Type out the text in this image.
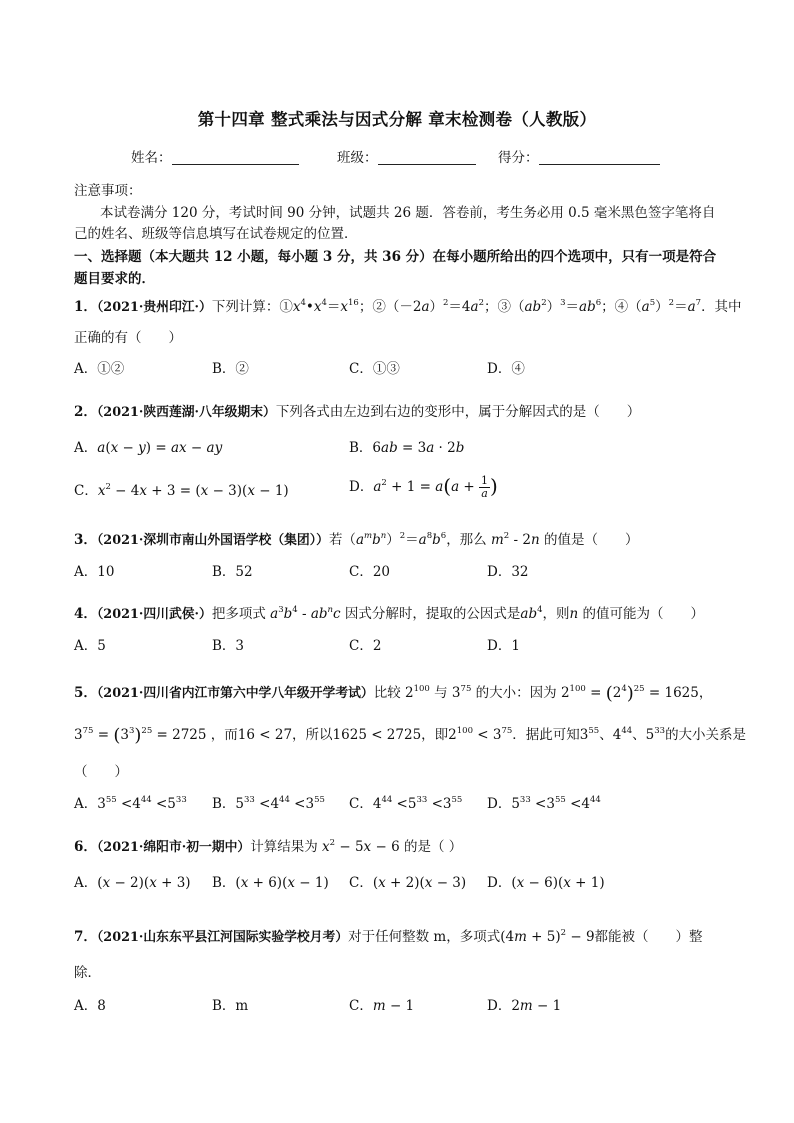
第十四章 整式乘法与因式分解 章末检测卷（人教版）
姓名：	班级：	得分：
注意事项：
本试卷满分 120 分，考试时间 90 分钟，试题共 26 题．答卷前，考生务必用 0.5 毫米黑色签字笔将自
己的姓名、班级等信息填写在试卷规定的位置．
一、选择题（本大题共 12 小题，每小题 3 分，共 36 分）在每小题所给出的四个选项中，只有一项是符合
题目要求的．
1．（2021·贵州印江·）下列计算：$①x^4•x^4=x^{16}$；$②(-2a)^2=4a^2$；$③(ab^2)^3=ab^6$；$④(a^5)^2=a^7$．其中
正确的有（　　）
A．①②	B．②	C．①③	D．④
2．（2021·陕西莲湖·八年级期末）下列各式由左边到右边的变形中，属于分解因式的是（　　）
A．a(x − y) = ax − ay	B．6ab = 3a · 2b
C．$x^2 - 4x + 3 = (x - 3)(x - 1)$	D．$a^2 + 1 = a(a + \frac{1}{a}$ )
3．（2021·深圳市南山外国语学校（集团））若$(a^mb^n)^2=a^8b^6$，那么 $m^2 - 2n$ 的值是（　　）
A．10	B．52	C．20	D．32
4．（2021·四川武侯·）把多项式 $a^3b^4 - ab^nc$ 因式分解时，提取的公因式是$ab^4$，则n 的值可能为（　　）
A．5	B．3	C．2	D．1
5．（2021·四川省内江市第六中学八年级开学考试）比较 $2^{100}$ 与 $3^{75}$ 的大小：因为 $2^{100} = (2^4)^{25} = 1625$，
$3^{75} = (3^3)^{25} = 2725$ ，而16 < 27，所以1625 < 2725，即$2^{100} < 3^{75}$．据此可知$3^{55}$、$4^{44}$、$5^{33}$的大小关系是
（　　）
A．$3^{55} <4^{44} <5^{33}$ B．$5^{33} <4^{44} <3^{55}$ C．$4^{44} <5^{33} <3^{55}$ D．$5^{33} <3^{55} <4^{44}$
6．（2021·绵阳市·初一期中）计算结果为 $x^2 - 5x - 6$ 的是（ ）
A．(x − 2)(x + 3) B．(x + 6)(x − 1) C．(x + 2)(x − 3) D．(x − 6)(x + 1)
7．（2021·山东东平县江河国际实验学校月考）对于任何整数 m，多项式$(4m + 5)^2 - 9$都能被（　　）整
除．
A．8	B．m	C．m − 1	D．2m − 1
